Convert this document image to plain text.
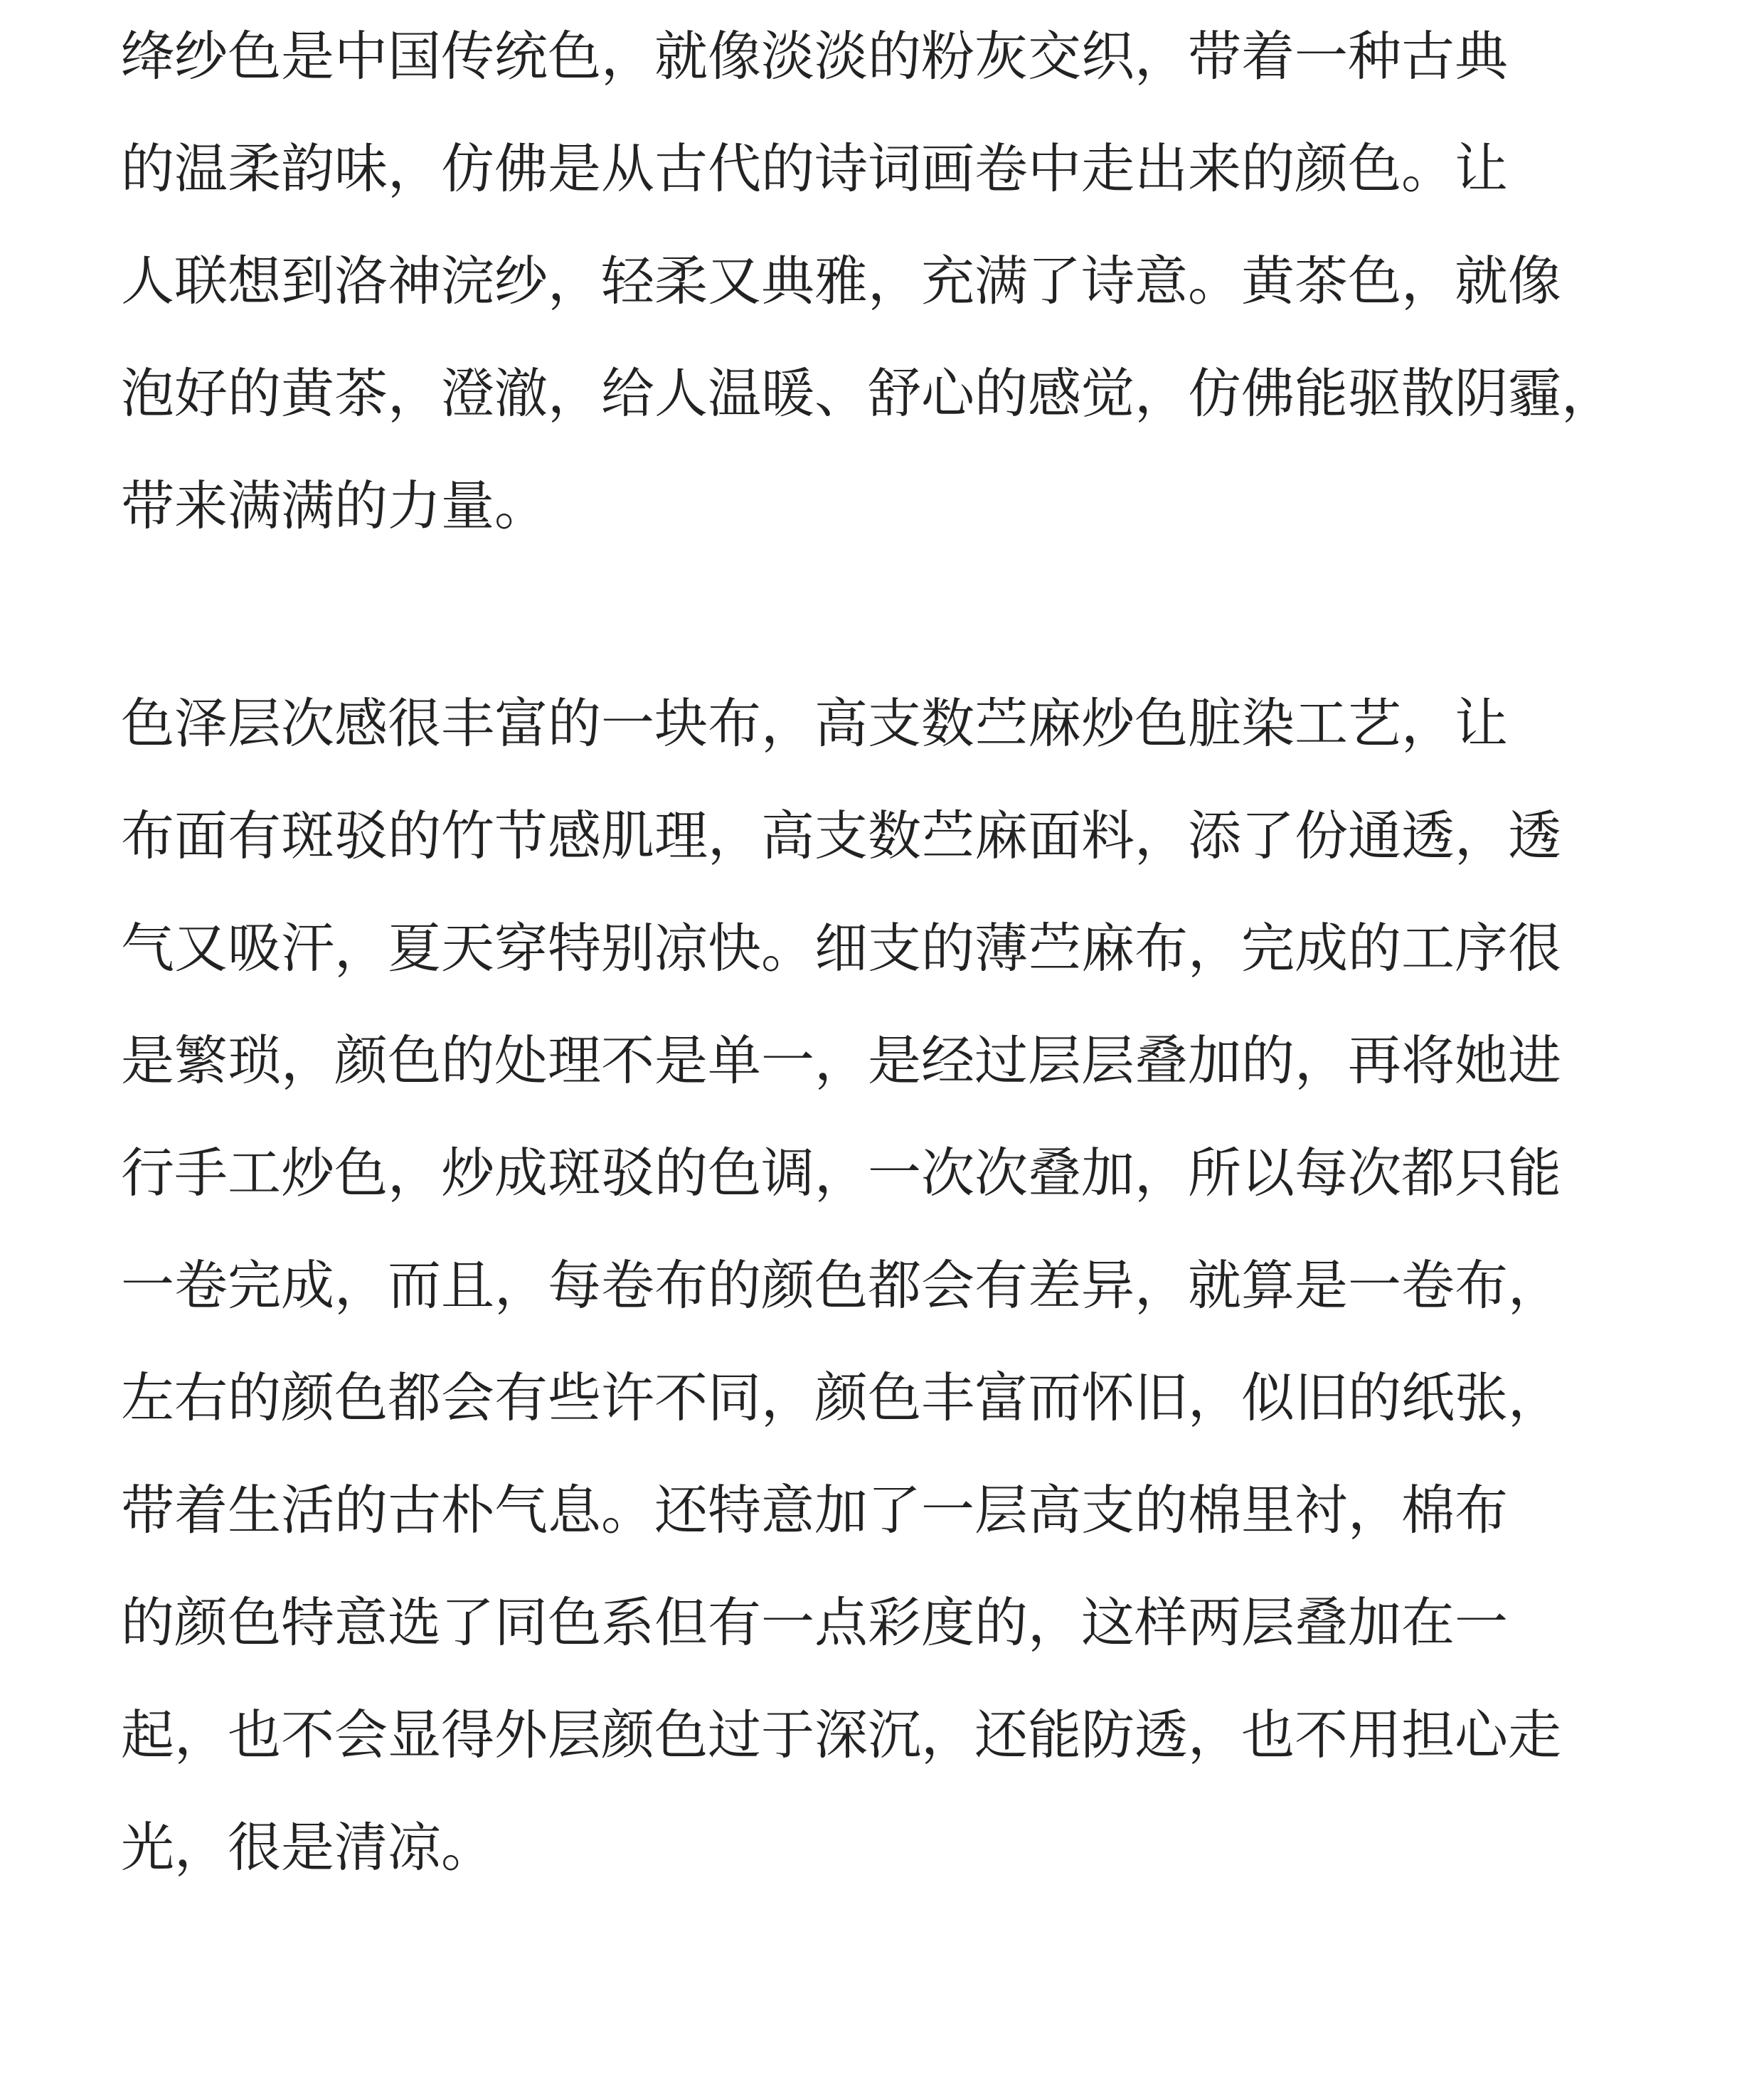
绛纱色是中国传统色，就像淡淡的粉灰交织，带着一种古典
的温柔韵味，仿佛是从古代的诗词画卷中走出来的颜色。让
人联想到洛神浣纱，轻柔又典雅，充满了诗意。黄茶色，就像
泡好的黄茶，澄澈，给人温暖、舒心的感觉，仿佛能驱散阴霾，
带来满满的力量。

色泽层次感很丰富的一块布，高支数苎麻炒色脏染工艺，让
布面有斑驳的竹节感肌理，高支数苎麻面料，添了份通透，透
气又吸汗，夏天穿特别凉快。细支的薄苎麻布，完成的工序很
是繁琐，颜色的处理不是单一，是经过层层叠加的，再将她进
行手工炒色，炒成斑驳的色调，一次次叠加，所以每次都只能
一卷完成，而且，每卷布的颜色都会有差异，就算是一卷布，
左右的颜色都会有些许不同，颜色丰富而怀旧，似旧的纸张，
带着生活的古朴气息。还特意加了一层高支的棉里衬，棉布
的颜色特意选了同色系但有一点彩度的，这样两层叠加在一
起，也不会显得外层颜色过于深沉，还能防透，也不用担心走
光，很是清凉。
